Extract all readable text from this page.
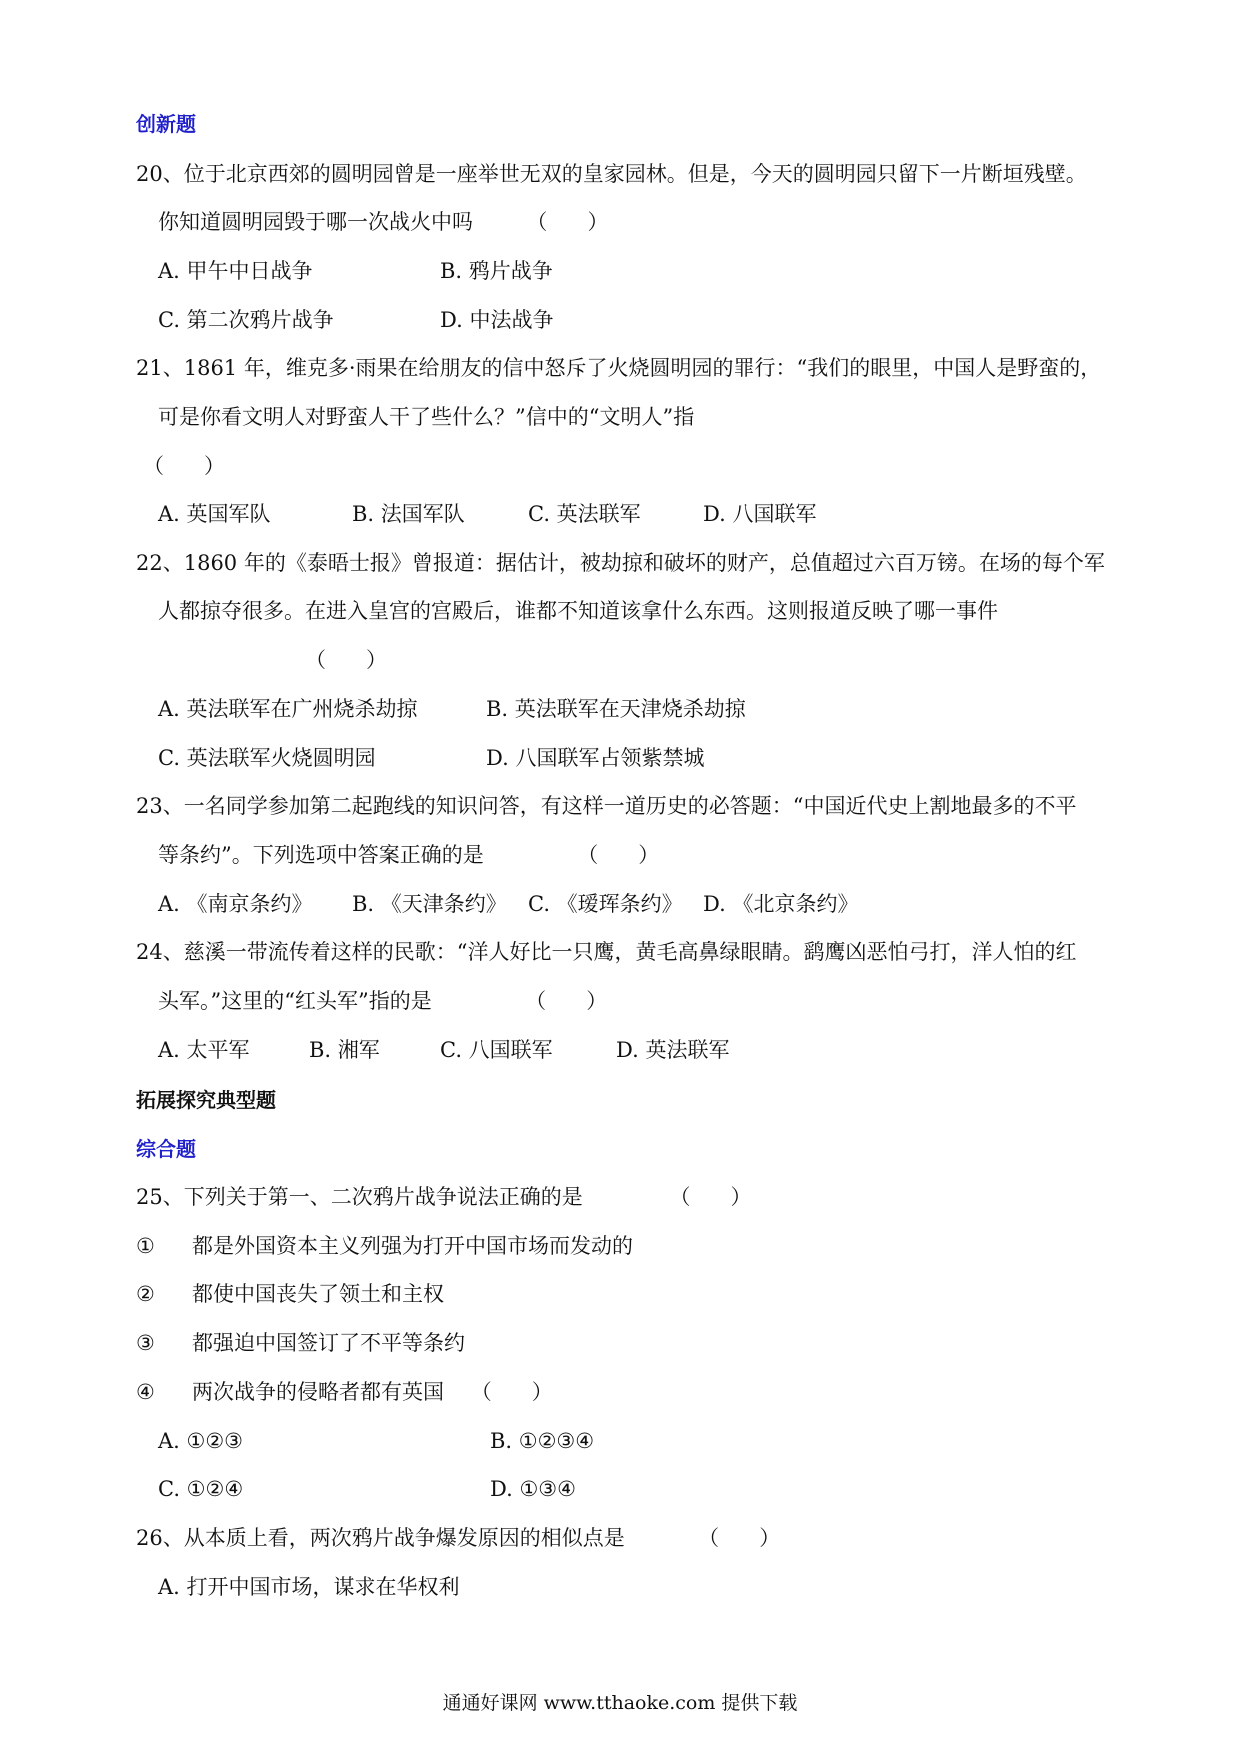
创新题
20、位于北京西郊的圆明园曾是一座举世无双的皇家园林。但是，今天的圆明园只留下一片断垣残壁。
你知道圆明园毁于哪一次战火中吗        （      ）
A. 甲午中日战争	B. 鸦片战争
C. 第二次鸦片战争	D. 中法战争
21、1861 年，维克多·雨果在给朋友的信中怒斥了火烧圆明园的罪行：“我们的眼里，中国人是野蛮的，
可是你看文明人对野蛮人干了些什么？”信中的“文明人”指
（      ）
A. 英国军队	B. 法国军队	C. 英法联军	D. 八国联军
22、1860 年的《泰晤士报》曾报道：据估计，被劫掠和破坏的财产，总值超过六百万镑。在场的每个军
人都掠夺很多。在进入皇宫的宫殿后，谁都不知道该拿什么东西。这则报道反映了哪一事件
（      ）
A. 英法联军在广州烧杀劫掠	B. 英法联军在天津烧杀劫掠
C. 英法联军火烧圆明园	D. 八国联军占领紫禁城
23、一名同学参加第二起跑线的知识问答，有这样一道历史的必答题：“中国近代史上割地最多的不平
等条约”。下列选项中答案正确的是              （      ）
A. 《南京条约》 B. 《天津条约》 C. 《瑷珲条约》 D. 《北京条约》
24、慈溪一带流传着这样的民歌：“洋人好比一只鹰，黄毛高鼻绿眼睛。鹞鹰凶恶怕弓打，洋人怕的红
头军。”这里的“红头军”指的是              （      ）
A. 太平军	B. 湘军	C. 八国联军	D. 英法联军
拓展探究典型题
综合题
25、下列关于第一、二次鸦片战争说法正确的是             （      ）
① 都是外国资本主义列强为打开中国市场而发动的
② 都使中国丧失了领土和主权
③ 都强迫中国签订了不平等条约
④ 两次战争的侵略者都有英国    （      ）
A. ①②③	B. ①②③④
C. ①②④	D. ①③④
26、从本质上看，两次鸦片战争爆发原因的相似点是           （      ）
A. 打开中国市场，谋求在华权利
通通好课网 www.tthaoke.com 提供下载
